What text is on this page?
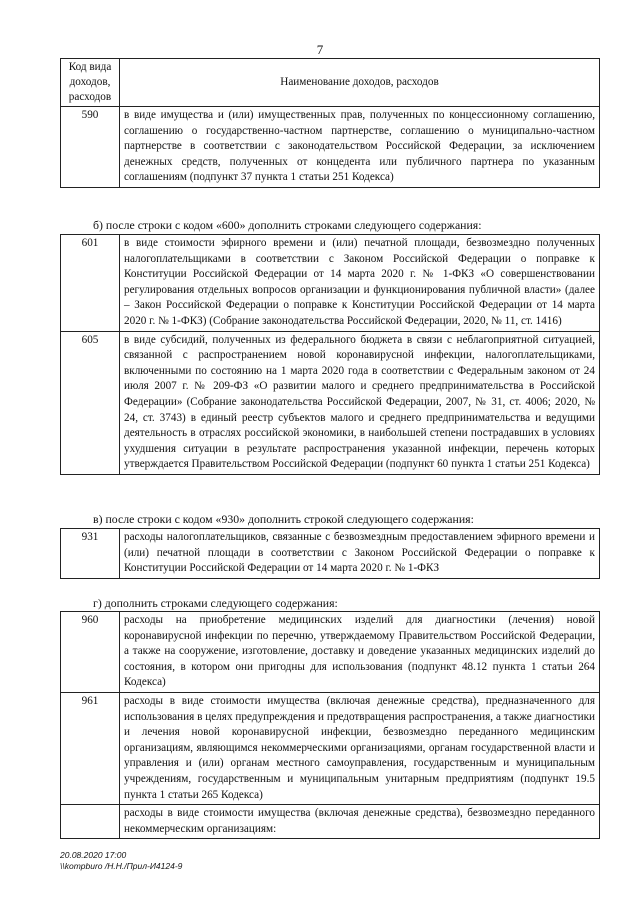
7
Код вида доходов, расходов	Наименование доходов, расходов
590	в виде имущества и (или) имущественных прав, полученных по концессионному соглашению, соглашению о государственно-частном партнерстве, соглашению о муниципально-частном партнерстве в соответствии с законодательством Российской Федерации, за исключением денежных средств, полученных от концедента или публичного партнера по указанным соглашениям (подпункт 37 пункта 1 статьи 251 Кодекса)
б) после строки с кодом «600» дополнить строками следующего содержания:
601	в виде стоимости эфирного времени и (или) печатной площади, безвозмездно полученных налогоплательщиками в соответствии с Законом Российской Федерации о поправке к Конституции Российской Федерации от 14 марта 2020 г. № 1-ФКЗ «О совершенствовании регулирования отдельных вопросов организации и функционирования публичной власти» (далее – Закон Российской Федерации о поправке к Конституции Российской Федерации от 14 марта 2020 г. № 1-ФКЗ) (Собрание законодательства Российской Федерации, 2020, № 11, ст. 1416)
605	в виде субсидий, полученных из федерального бюджета в связи с неблагоприятной ситуацией, связанной с распространением новой коронавирусной инфекции, налогоплательщиками, включенными по состоянию на 1 марта 2020 года в соответствии с Федеральным законом от 24 июля 2007 г. № 209-ФЗ «О развитии малого и среднего предпринимательства в Российской Федерации» (Собрание законодательства Российской Федерации, 2007, № 31, ст. 4006; 2020, № 24, ст. 3743) в единый реестр субъектов малого и среднего предпринимательства и ведущими деятельность в отраслях российской экономики, в наибольшей степени пострадавших в условиях ухудшения ситуации в результате распространения указанной инфекции, перечень которых утверждается Правительством Российской Федерации (подпункт 60 пункта 1 статьи 251 Кодекса)
в) после строки с кодом «930» дополнить строкой следующего содержания:
931	расходы налогоплательщиков, связанные с безвозмездным предоставлением эфирного времени и (или) печатной площади в соответствии с Законом Российской Федерации о поправке к Конституции Российской Федерации от 14 марта 2020 г. № 1-ФКЗ
г) дополнить строками следующего содержания:
960	расходы на приобретение медицинских изделий для диагностики (лечения) новой коронавирусной инфекции по перечню, утверждаемому Правительством Российской Федерации, а также на сооружение, изготовление, доставку и доведение указанных медицинских изделий до состояния, в котором они пригодны для использования (подпункт 48.12 пункта 1 статьи 264 Кодекса)
961	расходы в виде стоимости имущества (включая денежные средства), предназначенного для использования в целях предупреждения и предотвращения распространения, а также диагностики и лечения новой коронавирусной инфекции, безвозмездно переданного медицинским организациям, являющимся некоммерческими организациями, органам государственной власти и управления и (или) органам местного самоуправления, государственным и муниципальным учреждениям, государственным и муниципальным унитарным предприятиям (подпункт 19.5 пункта 1 статьи 265 Кодекса)
	расходы в виде стоимости имущества (включая денежные средства), безвозмездно переданного некоммерческим организациям:
20.08.2020 17:00
\\kompburo /Н.Н./Прил-И4124-9
